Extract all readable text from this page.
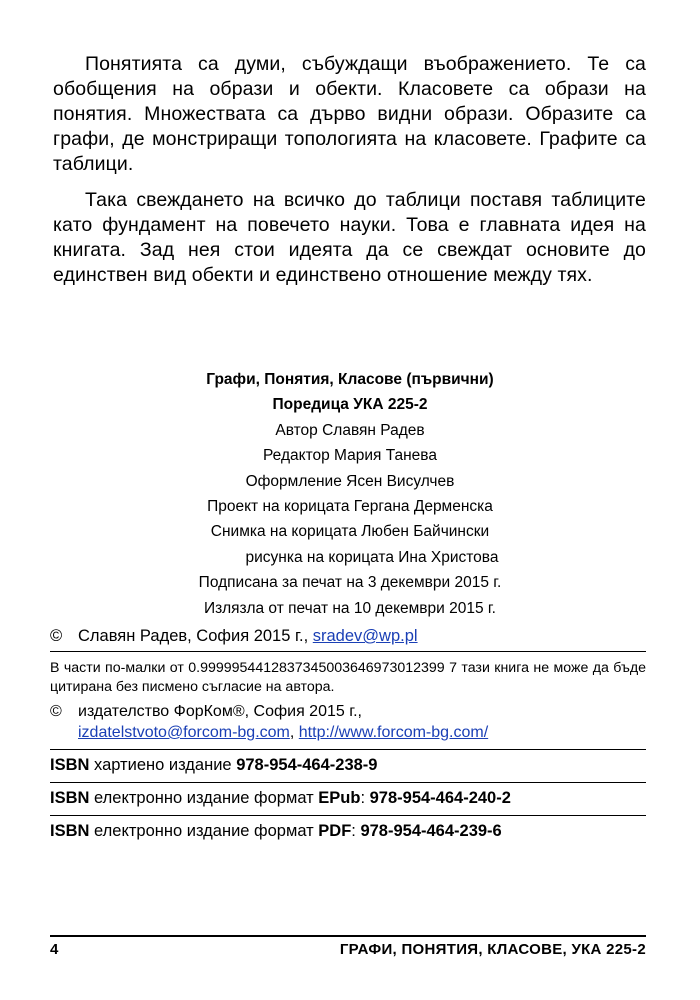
Понятията са думи, събуждащи въображението. Те са обобщения на образи и обекти. Класовете са образи на понятия. Множествата са дърво видни образи. Образите са графи, де монстриращи топологията на класовете. Графите са таблици.

Така свеждането на всичко до таблици поставя таблиците като фундамент на повечето науки. Това е главната идея на книгата. Зад нея стои идеята да се свеждат основите до единствен вид обекти и единствено отношение между тях.

Графи, Понятия, Класове (първични)
Поредица УКА 225-2
Автор Славян Радев
Редактор Мария Танева
Оформление Ясен Висулчев
Проект на корицата Гергана Дерменска
Снимка на корицата Любен Байчински
рисунка на корицата Ина Христова
Подписана за печат на 3 декември 2015 г.
Излязла от печат на 10 декември 2015 г.
© Славян Радев, София 2015 г., sradev@wp.pl
В части по-малки от 0.9999954412837345003646973012399 7 тази книга не може да бъде цитирана без писмено съгласие на автора.
© издателство ФорКом®, София 2015 г.,
izdatelstvoto@forcom-bg.com, http://www.forcom-bg.com/
ISBN хартиено издание 978-954-464-238-9
ISBN електронно издание формат EPub: 978-954-464-240-2
ISBN електронно издание формат PDF: 978-954-464-239-6
4	ГРАФИ, ПОНЯТИЯ, КЛАСОВЕ, УКА 225-2
